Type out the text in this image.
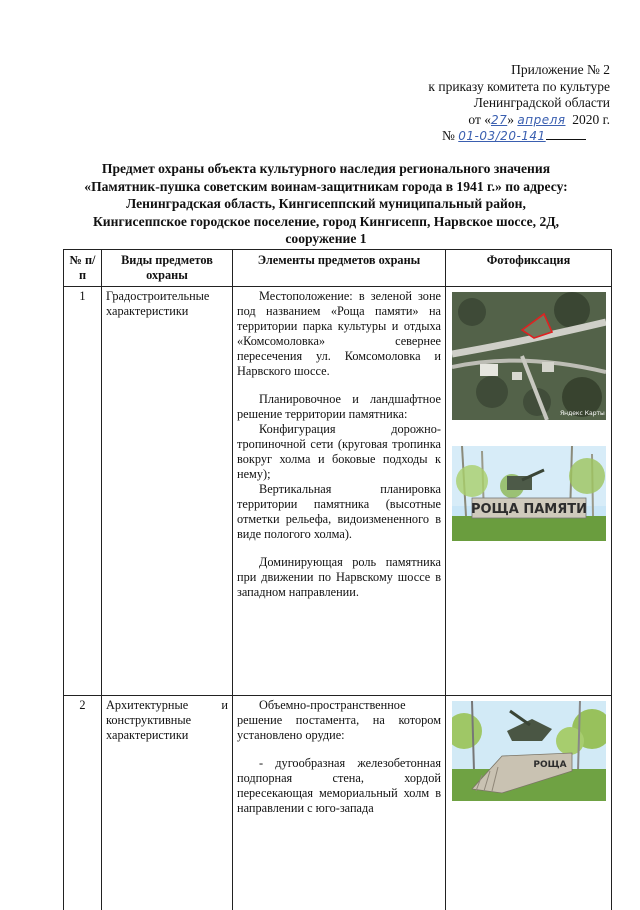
Приложение № 2
к приказу комитета по культуре
Ленинградской области
от «27» апреля 2020 г.
№ 01-03/20-141
Предмет охраны объекта культурного наследия регионального значения
«Памятник-пушка советским воинам-защитникам города в 1941 г.» по адресу:
Ленинградская область, Кингисеппский муниципальный район,
Кингисеппское городское поселение, город Кингисепп, Нарвское шоссе, 2Д,
сооружение 1
№ п/п	Виды предметов охраны	Элементы предметов охраны	Фотофиксация
1	Градостроительные характеристики	Местоположение: в зеленой зоне под названием «Роща памяти» на территории парка культуры и отдыха «Комсомоловка» севернее пересечения ул. Комсомоловка и Нарвского шоссе.
Планировочное и ландшафтное решение территории памятника:
Конфигурация дорожно-тропиночной сети (круговая тропинка вокруг холма и боковые подходы к нему);
Вертикальная планировка территории памятника (высотные отметки рельефа, видоизмененного в виде пологого холма).
Доминирующая роль памятника при движении по Нарвскому шоссе в западном направлении.	Яндекс Карты
РОЩА ПАМЯТИ

2	Архитектурные и конструктивные характеристики	Объемно-пространственное решение постамента, на котором установлено орудие:
- дугообразная железобетонная подпорная стена, хордой пересекающая мемориальный холм в направлении с юго-запада	РОЩА
